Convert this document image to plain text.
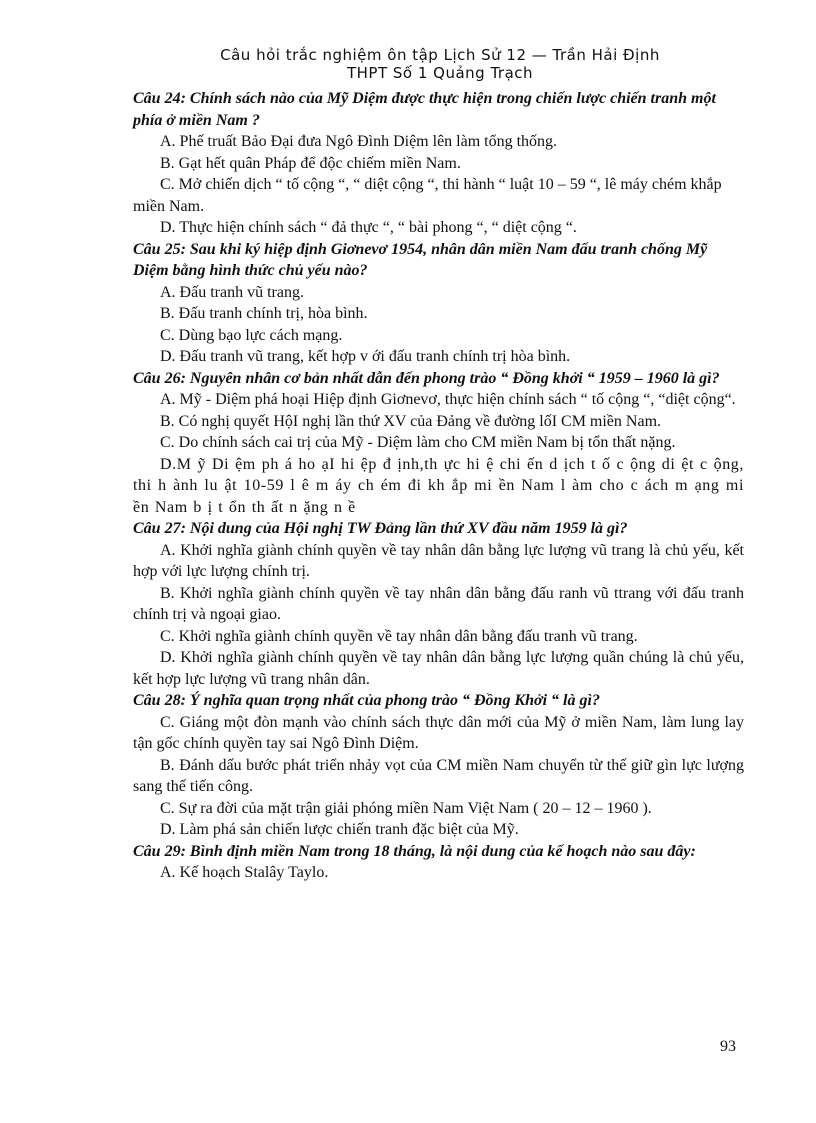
Câu hỏi trắc nghiệm ôn tập Lịch Sử 12 — Trần Hải Định
THPT Số 1 Quảng Trạch
Câu 24: Chính sách nào của Mỹ Diệm được thực hiện trong chiến lược chiến tranh một phía ở miền Nam ?
A. Phế truất Bảo Đại đưa Ngô Đình Diệm lên làm tổng thống.
B. Gạt hết quân Pháp để độc chiếm miền Nam.
C. Mở chiến dịch “ tố cộng “, “ diệt cộng “, thi hành “ luật 10 – 59 “, lê máy chém khắp
miền Nam.
D. Thực hiện chính sách “ đả thực “, “ bài phong “, “ diệt cộng “.
Câu 25: Sau khi ký hiệp định Giơnevơ 1954, nhân dân miền Nam đấu tranh chống Mỹ Diệm bằng hình thức chủ yếu nào?
A. Đấu tranh vũ trang.
B. Đấu tranh chính trị, hòa bình.
C. Dùng bạo lực cách mạng.
D. Đấu tranh vũ trang, kết hợp v ới đấu tranh chính trị hòa bình.
Câu 26: Nguyên nhân cơ bản nhất dẫn đến phong trào “ Đồng khởi “ 1959 – 1960 là gì?
A. Mỹ - Diệm phá hoại Hiệp định Giơnevơ, thực hiện chính sách “ tố cộng “, “diệt cộng“.
B. Có nghị quyết HộI nghị lần thứ XV của Đảng về đường lốI CM miền Nam.
C. Do chính sách cai trị của Mỹ - Diệm làm cho CM miền Nam bị tổn thất nặng.
D.M ỹ Di ệm ph á ho ạI hi ệp đ ịnh,th ực hi ệ chi ến d ịch t ố c ộng di ệt c ộng, thi h ành lu ật 10-59 l ê m áy ch ém đi kh ắp mi ền Nam l àm cho c ách m ạng mi ền Nam b ị t ổn th ất n ặng n ề
Câu 27: Nội dung của Hội nghị TW Đảng lần thứ XV đầu năm 1959 là gì?
A. Khởi nghĩa giành chính quyền về tay nhân dân bằng lực lượng vũ trang là chủ yếu, kết hợp với lực lượng chính trị.
B. Khởi nghĩa giành chính quyền về tay nhân dân bằng đấu ranh vũ ttrang với đấu tranh chính trị và ngoại giao.
C. Khởi nghĩa giành chính quyền về tay nhân dân bằng đấu tranh vũ trang.
D. Khởi nghĩa giành chính quyền về tay nhân dân bằng lực lượng quần chúng là chủ yếu, kết hợp lực lượng vũ trang nhân dân.
Câu 28: Ý nghĩa quan trọng nhất của phong trào “ Đồng Khởi “ là gì?
C. Giáng một đòn mạnh vào chính sách thực dân mới của Mỹ ở miền Nam, làm lung lay tận gốc chính quyền tay sai Ngô Đình Diệm.
B. Đánh dấu bước phát triển nhảy vọt của CM miền Nam chuyển từ thế giữ gìn lực lượng sang thế tiến công.
C. Sự ra đời của mặt trận giải phóng miền Nam Việt Nam ( 20 – 12 – 1960 ).
D. Làm phá sản chiến lược chiến tranh đặc biệt của Mỹ.
Câu 29: Bình định miền Nam trong 18 tháng, là nội dung của kế hoạch nào sau đây:
A. Kế hoạch Stalây Taylo.
93
